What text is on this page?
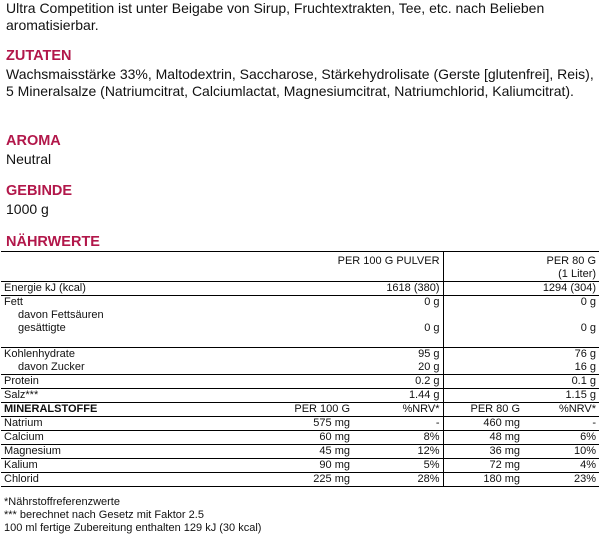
Ultra Competition ist unter Beigabe von Sirup, Fruchtextrakten, Tee, etc. nach Belieben aromatisierbar.
ZUTATEN
Wachsmaisstärke 33%, Maltodextrin, Saccharose, Stärkehydrolisate (Gerste [glutenfrei], Reis), 5 Mineralsalze (Natriumcitrat, Calciumlactat, Magnesiumcitrat, Natriumchlorid, Kaliumcitrat).
AROMA
Neutral
GEBINDE
1000 g
NÄHRWERTE
PER 100 G PULVER			PER 80 G
(1 Liter)	
Energie kJ (kcal)		1618 (380)	1294 (304)	
Fett		0 g	0 g	
davon Fettsäuren
gesättigte		0 g	0 g	

Kohlenhydrate		95 g	76 g	
davon Zucker		20 g	16 g	
Protein		0.2 g	0.1 g	
Salz***		1.44 g	1.15 g	
MINERALSTOFFE	PER 100 G	%NRV*	PER 80 G	%NRV*
Natrium	575 mg	-	460 mg	-
Calcium	60 mg	8%	48 mg	6%
Magnesium	45 mg	12%	36 mg	10%
Kalium	90 mg	5%	72 mg	4%
Chlorid	225 mg	28%	180 mg	23%
*Nährstoffreferenzwerte
*** berechnet nach Gesetz mit Faktor 2.5
100 ml fertige Zubereitung enthalten 129 kJ (30 kcal)
